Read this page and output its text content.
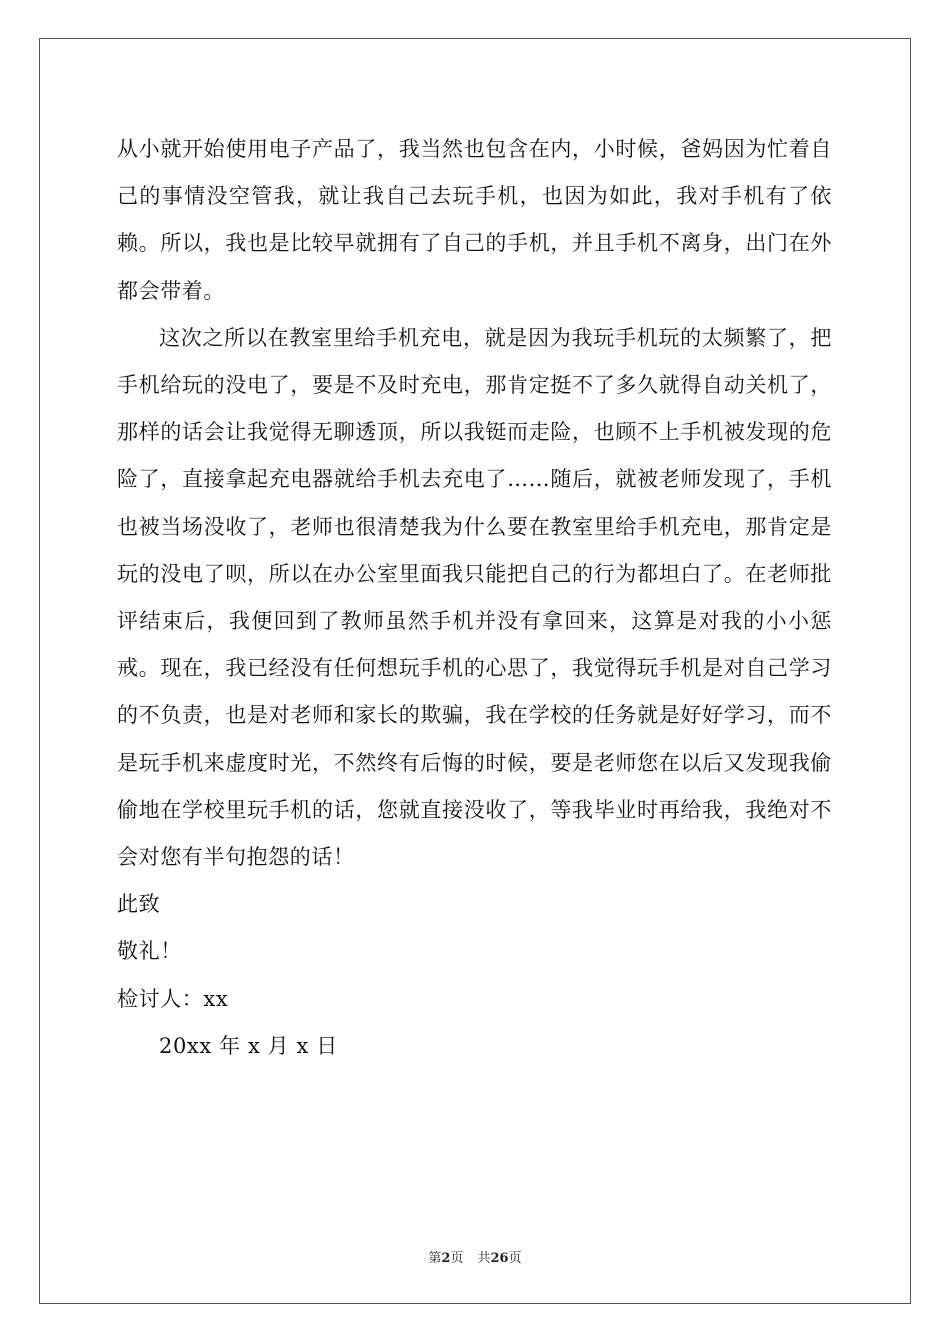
从小就开始使用电子产品了，我当然也包含在内，小时候，爸妈因为忙着自己的事情没空管我，就让我自己去玩手机，也因为如此，我对手机有了依赖。所以，我也是比较早就拥有了自己的手机，并且手机不离身，出门在外都会带着。

这次之所以在教室里给手机充电，就是因为我玩手机玩的太频繁了，把手机给玩的没电了，要是不及时充电，那肯定挺不了多久就得自动关机了，那样的话会让我觉得无聊透顶，所以我铤而走险，也顾不上手机被发现的危险了，直接拿起充电器就给手机去充电了……随后，就被老师发现了，手机也被当场没收了，老师也很清楚我为什么要在教室里给手机充电，那肯定是玩的没电了呗，所以在办公室里面我只能把自己的行为都坦白了。在老师批评结束后，我便回到了教师虽然手机并没有拿回来，这算是对我的小小惩戒。现在，我已经没有任何想玩手机的心思了，我觉得玩手机是对自己学习的不负责，也是对老师和家长的欺骗，我在学校的任务就是好好学习，而不是玩手机来虚度时光，不然终有后悔的时候，要是老师您在以后又发现我偷偷地在学校里玩手机的话，您就直接没收了，等我毕业时再给我，我绝对不会对您有半句抱怨的话！

此致

敬礼！

检讨人：xx

20xx 年 x 月 x 日

第2页 共26页
